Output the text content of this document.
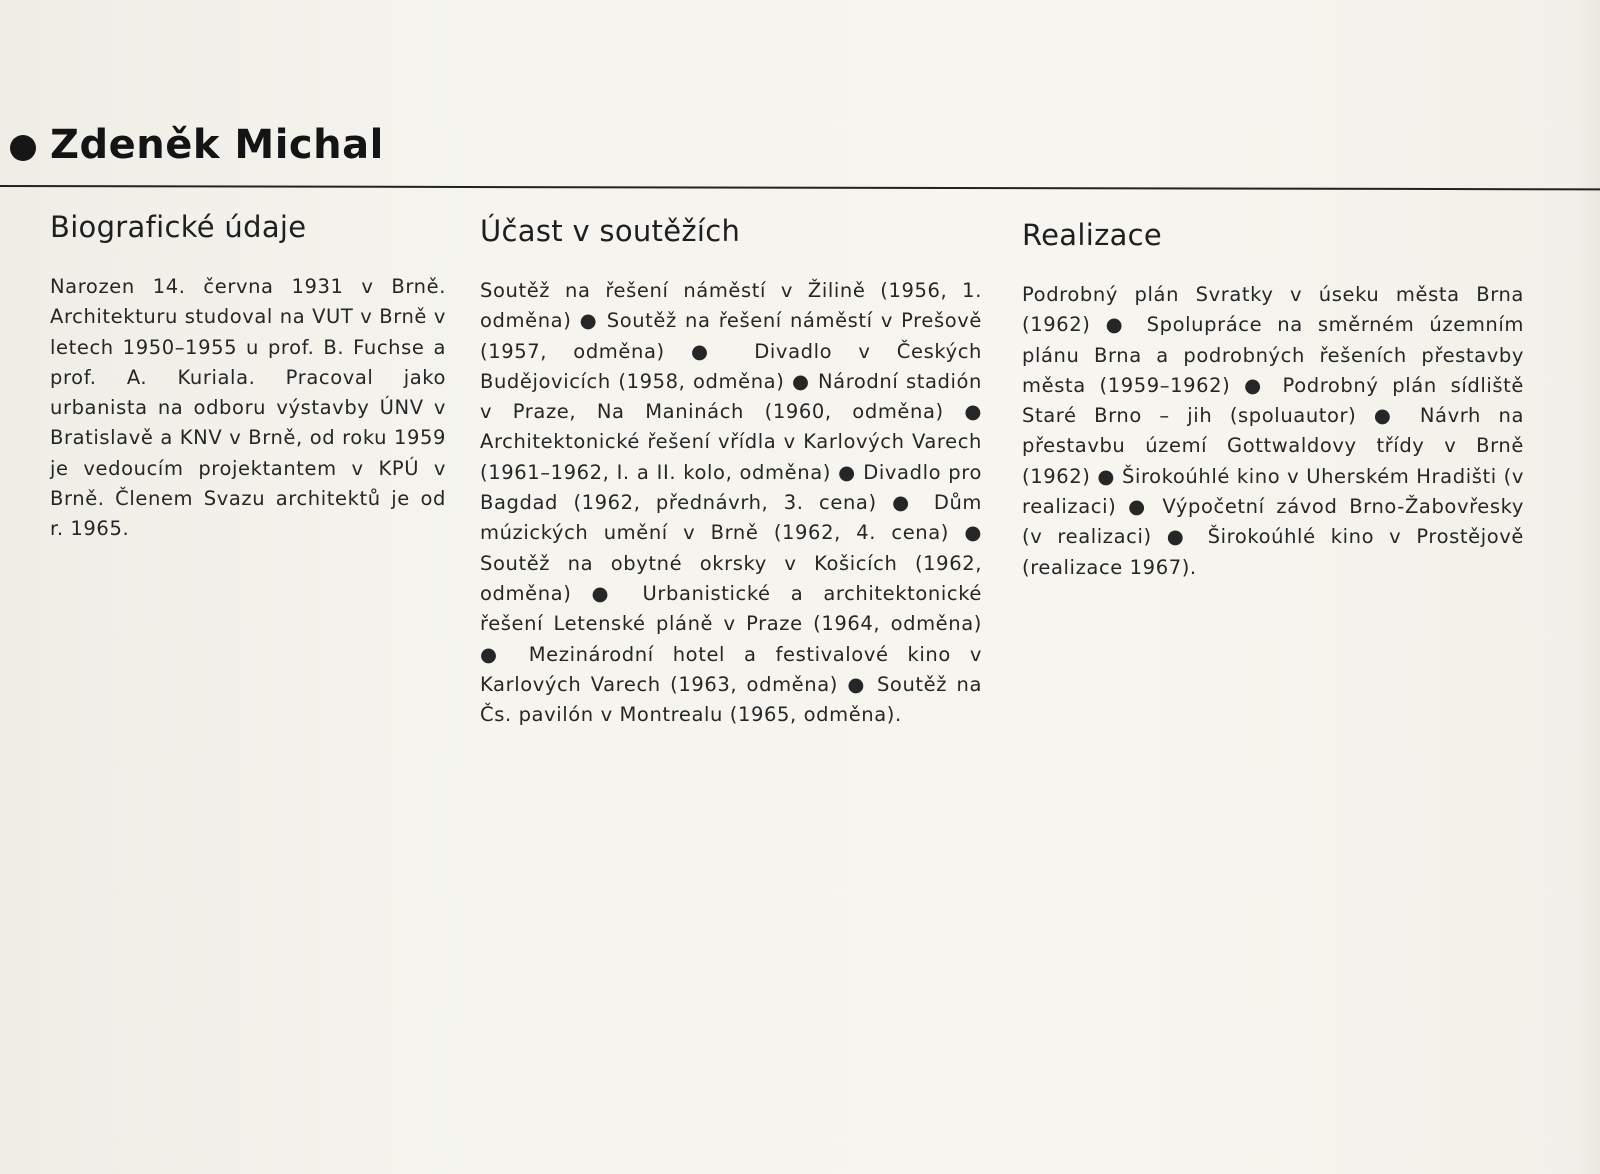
Zdeněk Michal
Biografické údaje

Narozen 14. června 1931 v Brně. Architekturu studoval na VUT v Brně v letech 1950–1955 u prof. B. Fuchse a prof. A. Kuriala. Pracoval jako urbanista na odboru výstavby ÚNV v Bratislavě a KNV v Brně, od roku 1959 je vedoucím projektantem v KPÚ v Brně. Členem Svazu architektů je od r. 1965.

Účast v soutěžích

Soutěž na řešení náměstí v Žilině (1956, 1. odměna) ● Soutěž na řešení náměstí v Prešově (1957, odměna) ● Divadlo v Českých Budějovicích (1958, odměna) ● Národní stadión v Praze, Na Maninách (1960, odměna) ● Architektonické řešení vřídla v Karlových Varech (1961–1962, I. a II. kolo, odměna) ● Divadlo pro Bagdad (1962, přednávrh, 3. cena) ● Dům múzických umění v Brně (1962, 4. cena) ● Soutěž na obytné okrsky v Košicích (1962, odměna) ● Urbanistické a architektonické řešení Letenské pláně v Praze (1964, odměna) ● Mezinárodní hotel a festivalové kino v Karlových Varech (1963, odměna) ● Soutěž na Čs. pavilón v Montrealu (1965, odměna).

Realizace

Podrobný plán Svratky v úseku města Brna (1962) ● Spolupráce na směrném územním plánu Brna a podrobných řešeních přestavby města (1959–1962) ● Podrobný plán sídliště Staré Brno – jih (spoluautor) ● Návrh na přestavbu území Gottwaldovy třídy v Brně (1962) ● Širokoúhlé kino v Uherském Hradišti (v realizaci) ● Výpočetní závod Brno-Žabovřesky (v realizaci) ● Širokoúhlé kino v Prostějově (realizace 1967).
